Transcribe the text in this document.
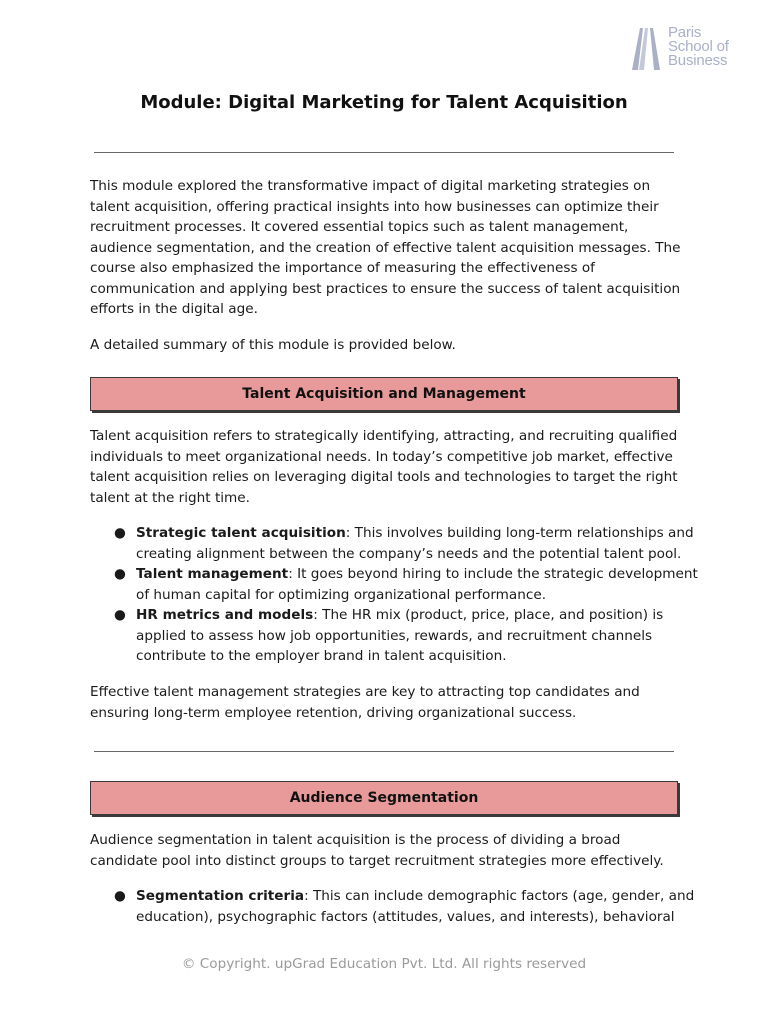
Paris
School of
Business
Module: Digital Marketing for Talent Acquisition

This module explored the transformative impact of digital marketing strategies on
talent acquisition, offering practical insights into how businesses can optimize their
recruitment processes. It covered essential topics such as talent management,
audience segmentation, and the creation of effective talent acquisition messages. The
course also emphasized the importance of measuring the effectiveness of
communication and applying best practices to ensure the success of talent acquisition
efforts in the digital age.

A detailed summary of this module is provided below.

Talent Acquisition and Management

Talent acquisition refers to strategically identifying, attracting, and recruiting qualified
individuals to meet organizational needs. In today’s competitive job market, effective
talent acquisition relies on leveraging digital tools and technologies to target the right
talent at the right time.

● Strategic talent acquisition: This involves building long-term relationships and
creating alignment between the company’s needs and the potential talent pool.
● Talent management: It goes beyond hiring to include the strategic development
of human capital for optimizing organizational performance.
● HR metrics and models: The HR mix (product, price, place, and position) is
applied to assess how job opportunities, rewards, and recruitment channels
contribute to the employer brand in talent acquisition.

Effective talent management strategies are key to attracting top candidates and
ensuring long-term employee retention, driving organizational success.

Audience Segmentation

Audience segmentation in talent acquisition is the process of dividing a broad
candidate pool into distinct groups to target recruitment strategies more effectively.

● Segmentation criteria: This can include demographic factors (age, gender, and
education), psychographic factors (attitudes, values, and interests), behavioral
© Copyright. upGrad Education Pvt. Ltd. All rights reserved
